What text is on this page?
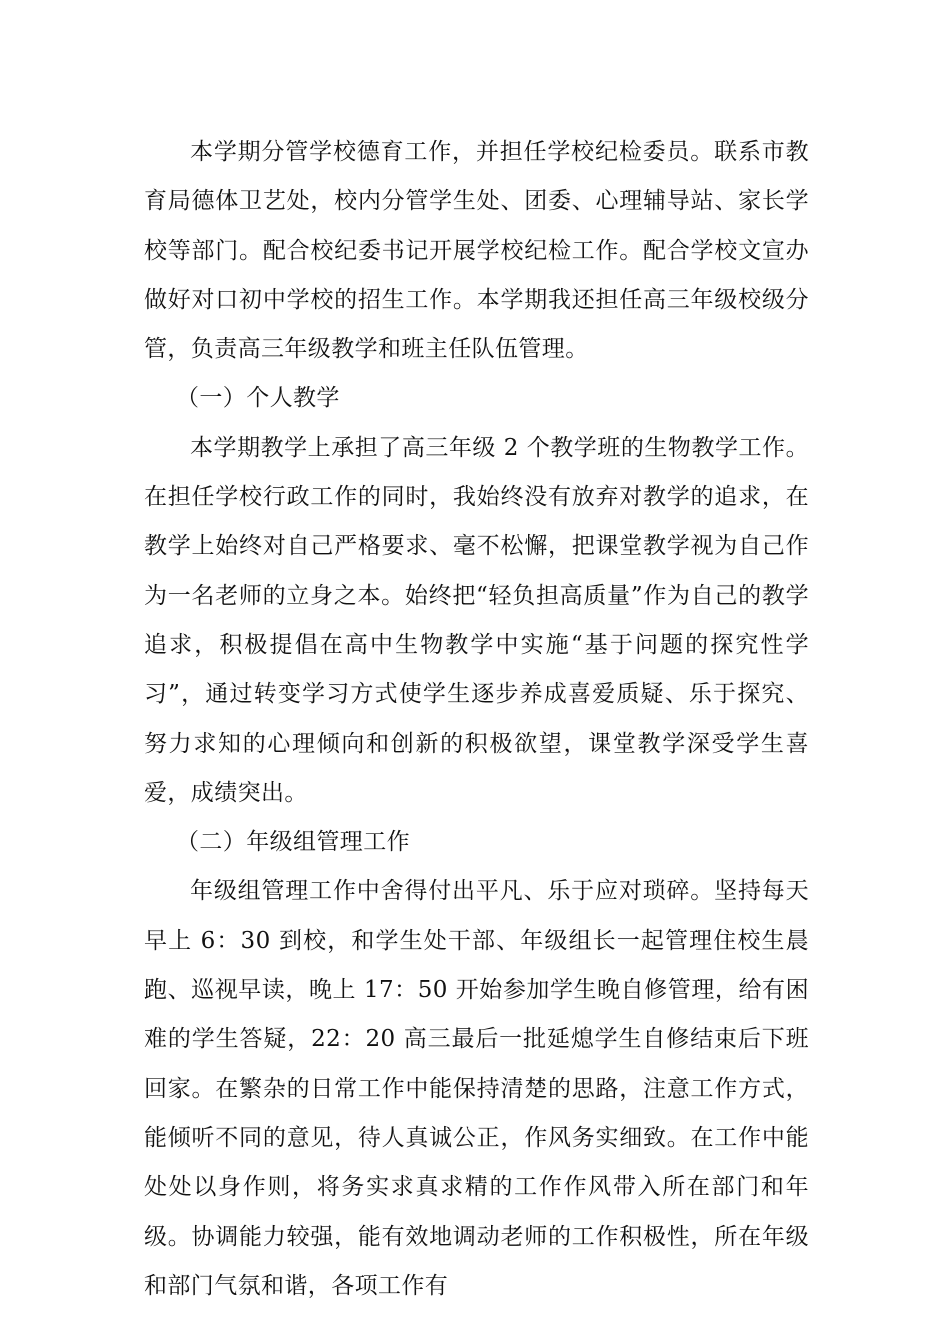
本学期分管学校德育工作，并担任学校纪检委员。联系市教育局德体卫艺处，校内分管学生处、团委、心理辅导站、家长学校等部门。配合校纪委书记开展学校纪检工作。配合学校文宣办做好对口初中学校的招生工作。本学期我还担任高三年级校级分管，负责高三年级教学和班主任队伍管理。

（一）个人教学

本学期教学上承担了高三年级 2 个教学班的生物教学工作。在担任学校行政工作的同时，我始终没有放弃对教学的追求，在教学上始终对自己严格要求、毫不松懈，把课堂教学视为自己作为一名老师的立身之本。始终把“轻负担高质量”作为自己的教学追求，积极提倡在高中生物教学中实施“基于问题的探究性学习”，通过转变学习方式使学生逐步养成喜爱质疑、乐于探究、努力求知的心理倾向和创新的积极欲望，课堂教学深受学生喜爱，成绩突出。

（二）年级组管理工作

年级组管理工作中舍得付出平凡、乐于应对琐碎。坚持每天早上 6：30 到校，和学生处干部、年级组长一起管理住校生晨跑、巡视早读，晚上 17：50 开始参加学生晚自修管理，给有困难的学生答疑，22：20 高三最后一批延熄学生自修结束后下班回家。在繁杂的日常工作中能保持清楚的思路，注意工作方式，能倾听不同的意见，待人真诚公正，作风务实细致。在工作中能处处以身作则，将务实求真求精的工作作风带入所在部门和年级。协调能力较强，能有效地调动老师的工作积极性，所在年级和部门气氛和谐，各项工作有
